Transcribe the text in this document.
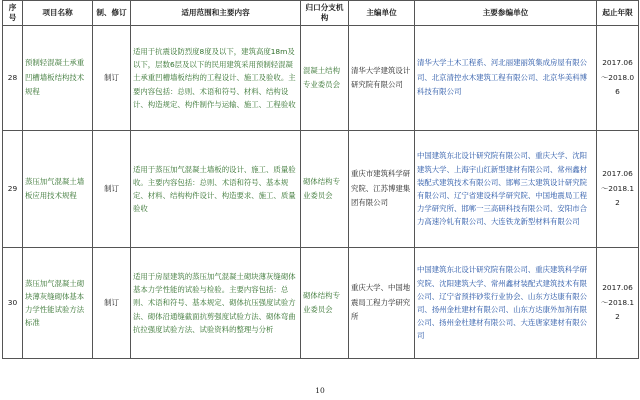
序号	项目名称	制、修订	适用范围和主要内容	归口分支机构	主编单位	主要参编单位	起止年限
28	预制轻混凝土承重凹槽墙板结构技术规程	制订	适用于抗震设防烈度8度及以下，建筑高度18m及以下，层数6层及以下的民用建筑采用预制轻混凝土承重凹槽墙板结构的工程设计、施工及验收。主要内容包括：总则、术语和符号、材料、结构设计、构造规定、构件制作与运输、施工、工程验收	混凝土结构专业委员会	清华大学建筑设计研究院有限公司	清华大学土木工程系、河北丽建丽筑集成房屋有限公司、北京清控水木建筑工程有限公司、北京华美科博科技有限公司	2017.06～2018.06
29	蒸压加气混凝土墙板应用技术规程	制订	适用于蒸压加气混凝土墙板的设计、施工、质量验收。主要内容包括：总则、术语和符号、基本规定、材料、结构构件设计、构造要求、施工、质量验收	砌体结构专业委员会	重庆市建筑科学研究院、江苏博建集团有限公司	中国建筑东北设计研究院有限公司、重庆大学、沈阳建筑大学、上海宇山红新型建材有限公司、常州鑫材装配式建筑技术有限公司、邯郸三太建筑设计研究院有限公司、辽宁省建设科学研究院、中国地震局工程力学研究所、邯郸一三高研科技有限公司、安阳市合力高速冷轧有限公司、大连铁龙新型材料有限公司	2017.06～2018.12
30	蒸压加气混凝土砌块薄灰缝砌体基本力学性能试验方法标准	制订	适用于房屋建筑的蒸压加气混凝土砌块薄灰缝砌体基本力学性能的试验与检验。主要内容包括：总则、术语和符号、基本规定、砌体抗压强度试验方法、砌体沿通缝截面抗剪强度试验方法、砌体弯曲抗拉强度试验方法、试验资料的整理与分析	砌体结构专业委员会	重庆大学、中国地震局工程力学研究所	中国建筑东北设计研究院有限公司、重庆建筑科学研究院、沈阳建筑大学、常州鑫材装配式建筑技术有限公司、辽宁省预拌砂浆行业协会、山东方达康有限公司、扬州金杜建材有限公司、山东方达康外加剂有限公司、扬州金杜建材有限公司、大连唐家建材有限公司	2017.06～2018.12
10
